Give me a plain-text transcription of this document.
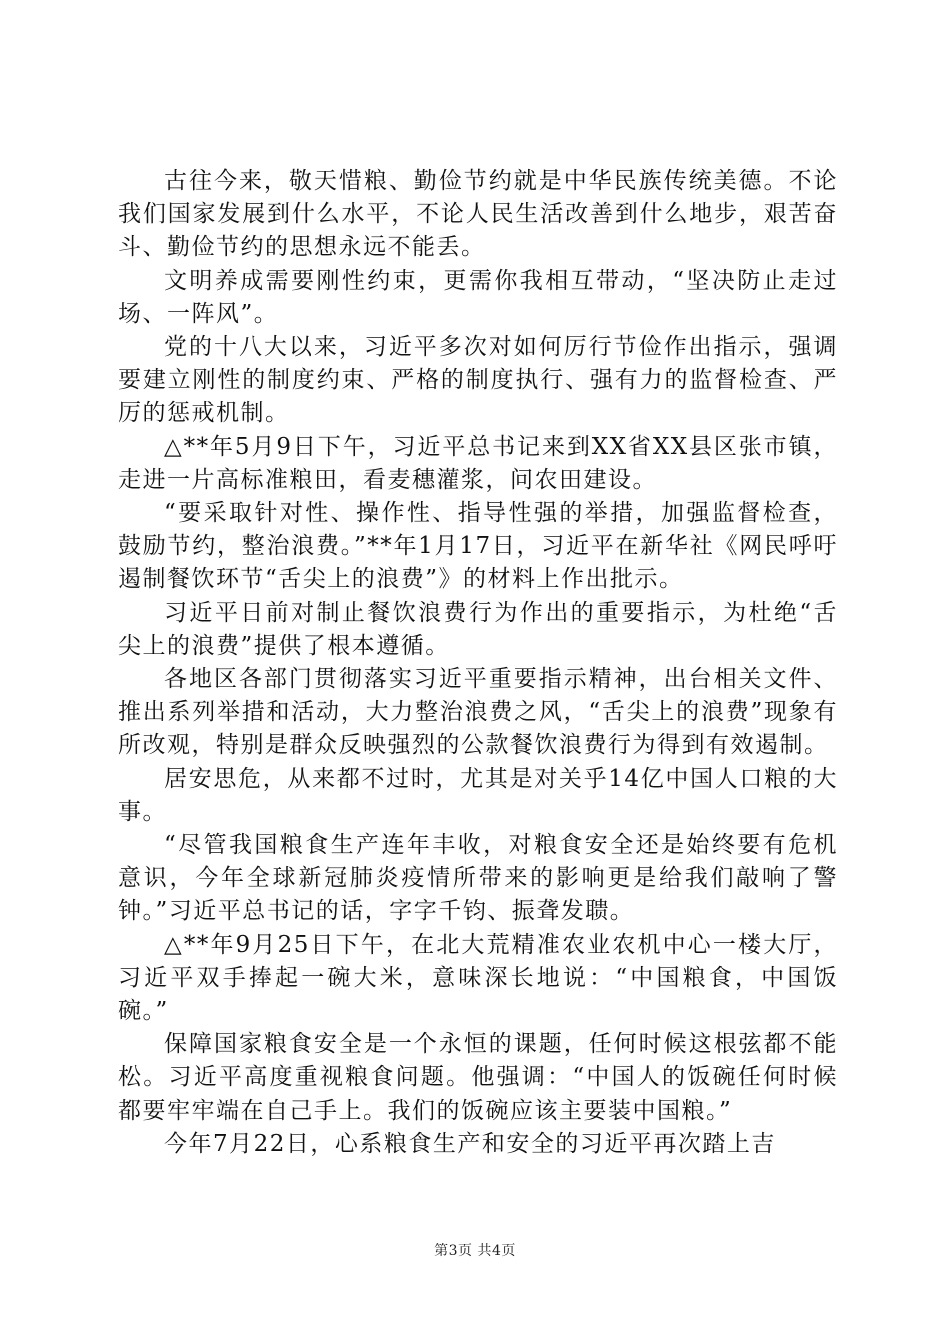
古往今来，敬天惜粮、勤俭节约就是中华民族传统美德。不论我们国家发展到什么水平，不论人民生活改善到什么地步，艰苦奋斗、勤俭节约的思想永远不能丢。

文明养成需要刚性约束，更需你我相互带动，“坚决防止走过场、一阵风”。

党的十八大以来，习近平多次对如何厉行节俭作出指示，强调要建立刚性的制度约束、严格的制度执行、强有力的监督检查、严厉的惩戒机制。

△**年5月9日下午，习近平总书记来到XX省XX县区张市镇，走进一片高标准粮田，看麦穗灌浆，问农田建设。

“要采取针对性、操作性、指导性强的举措，加强监督检查，鼓励节约，整治浪费。”**年1月17日，习近平在新华社《网民呼吁遏制餐饮环节“舌尖上的浪费”》的材料上作出批示。

习近平日前对制止餐饮浪费行为作出的重要指示，为杜绝“舌尖上的浪费”提供了根本遵循。

各地区各部门贯彻落实习近平重要指示精神，出台相关文件、推出系列举措和活动，大力整治浪费之风，“舌尖上的浪费”现象有所改观，特别是群众反映强烈的公款餐饮浪费行为得到有效遏制。

居安思危，从来都不过时，尤其是对关乎14亿中国人口粮的大事。

“尽管我国粮食生产连年丰收，对粮食安全还是始终要有危机意识，今年全球新冠肺炎疫情所带来的影响更是给我们敲响了警钟。”习近平总书记的话，字字千钧、振聋发聩。

△**年9月25日下午，在北大荒精准农业农机中心一楼大厅，习近平双手捧起一碗大米，意味深长地说：“中国粮食，中国饭碗。”

保障国家粮食安全是一个永恒的课题，任何时候这根弦都不能松。习近平高度重视粮食问题。他强调：“中国人的饭碗任何时候都要牢牢端在自己手上。我们的饭碗应该主要装中国粮。”

今年7月22日，心系粮食生产和安全的习近平再次踏上吉

第3页 共4页
